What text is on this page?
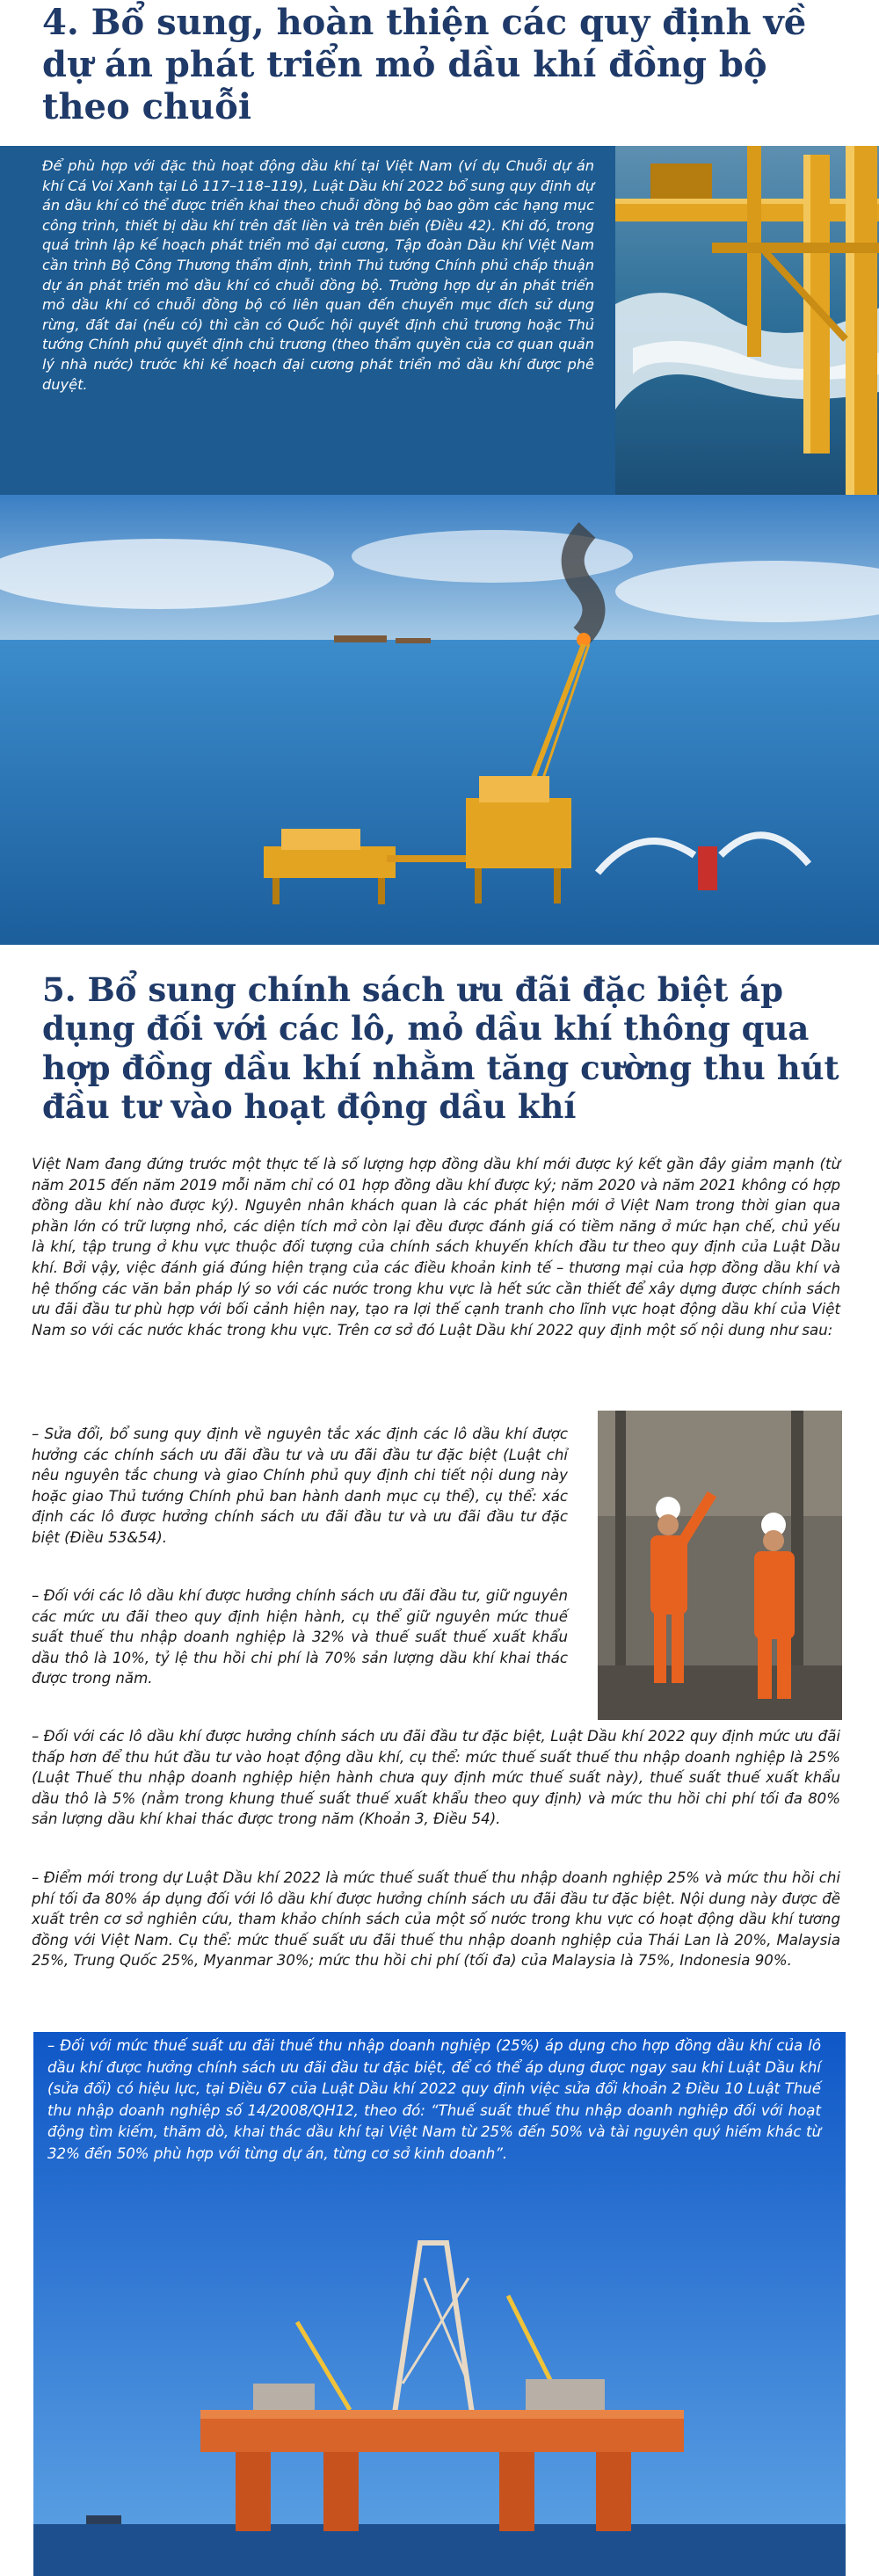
4. Bổ sung, hoàn thiện các quy định về dự án phát triển mỏ dầu khí đồng bộ theo chuỗi

Để phù hợp với đặc thù hoạt động dầu khí tại Việt Nam (ví dụ Chuỗi dự án khí Cá Voi Xanh tại Lô 117–118–119), Luật Dầu khí 2022 bổ sung quy định dự án dầu khí có thể được triển khai theo chuỗi đồng bộ bao gồm các hạng mục công trình, thiết bị dầu khí trên đất liền và trên biển (Điều 42). Khi đó, trong quá trình lập kế hoạch phát triển mỏ đại cương, Tập đoàn Dầu khí Việt Nam cần trình Bộ Công Thương thẩm định, trình Thủ tướng Chính phủ chấp thuận dự án phát triển mỏ dầu khí có chuỗi đồng bộ. Trường hợp dự án phát triển mỏ dầu khí có chuỗi đồng bộ có liên quan đến chuyển mục đích sử dụng rừng, đất đai (nếu có) thì cần có Quốc hội quyết định chủ trương hoặc Thủ tướng Chính phủ quyết định chủ trương (theo thẩm quyền của cơ quan quản lý nhà nước) trước khi kế hoạch đại cương phát triển mỏ dầu khí được phê duyệt.

5. Bổ sung chính sách ưu đãi đặc biệt áp dụng đối với các lô, mỏ dầu khí thông qua hợp đồng dầu khí nhằm tăng cường thu hút đầu tư vào hoạt động dầu khí

Việt Nam đang đứng trước một thực tế là số lượng hợp đồng dầu khí mới được ký kết gần đây giảm mạnh (từ năm 2015 đến năm 2019 mỗi năm chỉ có 01 hợp đồng dầu khí được ký; năm 2020 và năm 2021 không có hợp đồng dầu khí nào được ký). Nguyên nhân khách quan là các phát hiện mới ở Việt Nam trong thời gian qua phần lớn có trữ lượng nhỏ, các diện tích mở còn lại đều được đánh giá có tiềm năng ở mức hạn chế, chủ yếu là khí, tập trung ở khu vực thuộc đối tượng của chính sách khuyến khích đầu tư theo quy định của Luật Dầu khí. Bởi vậy, việc đánh giá đúng hiện trạng của các điều khoản kinh tế – thương mại của hợp đồng dầu khí và hệ thống các văn bản pháp lý so với các nước trong khu vực là hết sức cần thiết để xây dựng được chính sách ưu đãi đầu tư phù hợp với bối cảnh hiện nay, tạo ra lợi thế cạnh tranh cho lĩnh vực hoạt động dầu khí của Việt Nam so với các nước khác trong khu vực. Trên cơ sở đó Luật Dầu khí 2022 quy định một số nội dung như sau:

– Sửa đổi, bổ sung quy định về nguyên tắc xác định các lô dầu khí được hưởng các chính sách ưu đãi đầu tư và ưu đãi đầu tư đặc biệt (Luật chỉ nêu nguyên tắc chung và giao Chính phủ quy định chi tiết nội dung này hoặc giao Thủ tướng Chính phủ ban hành danh mục cụ thể), cụ thể: xác định các lô được hưởng chính sách ưu đãi đầu tư và ưu đãi đầu tư đặc biệt (Điều 53&54).

– Đối với các lô dầu khí được hưởng chính sách ưu đãi đầu tư, giữ nguyên các mức ưu đãi theo quy định hiện hành, cụ thể giữ nguyên mức thuế suất thuế thu nhập doanh nghiệp là 32% và thuế suất thuế xuất khẩu dầu thô là 10%, tỷ lệ thu hồi chi phí là 70% sản lượng dầu khí khai thác được trong năm.

– Đối với các lô dầu khí được hưởng chính sách ưu đãi đầu tư đặc biệt, Luật Dầu khí 2022 quy định mức ưu đãi thấp hơn để thu hút đầu tư vào hoạt động dầu khí, cụ thể: mức thuế suất thuế thu nhập doanh nghiệp là 25% (Luật Thuế thu nhập doanh nghiệp hiện hành chưa quy định mức thuế suất này), thuế suất thuế xuất khẩu dầu thô là 5% (nằm trong khung thuế suất thuế xuất khẩu theo quy định) và mức thu hồi chi phí tối đa 80% sản lượng dầu khí khai thác được trong năm (Khoản 3, Điều 54).

– Điểm mới trong dự Luật Dầu khí 2022 là mức thuế suất thuế thu nhập doanh nghiệp 25% và mức thu hồi chi phí tối đa 80% áp dụng đối với lô dầu khí được hưởng chính sách ưu đãi đầu tư đặc biệt. Nội dung này được đề xuất trên cơ sở nghiên cứu, tham khảo chính sách của một số nước trong khu vực có hoạt động dầu khí tương đồng với Việt Nam. Cụ thể: mức thuế suất ưu đãi thuế thu nhập doanh nghiệp của Thái Lan là 20%, Malaysia 25%, Trung Quốc 25%, Myanmar 30%; mức thu hồi chi phí (tối đa) của Malaysia là 75%, Indonesia 90%.

– Đối với mức thuế suất ưu đãi thuế thu nhập doanh nghiệp (25%) áp dụng cho hợp đồng dầu khí của lô dầu khí được hưởng chính sách ưu đãi đầu tư đặc biệt, để có thể áp dụng được ngay sau khi Luật Dầu khí (sửa đổi) có hiệu lực, tại Điều 67 của Luật Dầu khí 2022 quy định việc sửa đổi khoản 2 Điều 10 Luật Thuế thu nhập doanh nghiệp số 14/2008/QH12, theo đó: “Thuế suất thuế thu nhập doanh nghiệp đối với hoạt động tìm kiếm, thăm dò, khai thác dầu khí tại Việt Nam từ 25% đến 50% và tài nguyên quý hiếm khác từ 32% đến 50% phù hợp với từng dự án, từng cơ sở kinh doanh”.
